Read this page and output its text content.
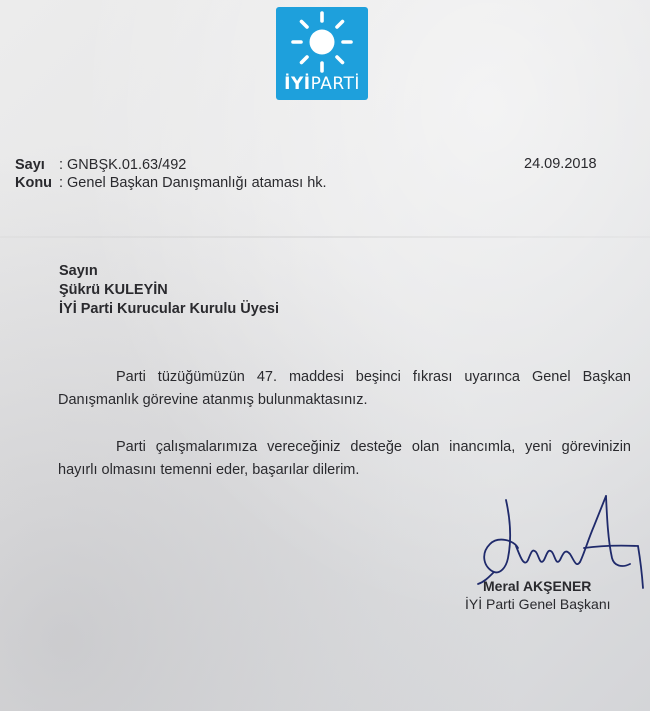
İYİPARTİ
Sayı : GNBŞK.01.63/492
Konu : Genel Başkan Danışmanlığı ataması hk.
24.09.2018
Sayın
Şükrü KULEYİN
İYİ Parti Kurucular Kurulu Üyesi
Parti tüzüğümüzün 47. maddesi beşinci fıkrası uyarınca Genel Başkan Danışmanlık görevine atanmış bulunmaktasınız.
Parti çalışmalarımıza vereceğiniz desteğe olan inancımla, yeni görevinizin hayırlı olmasını temenni eder, başarılar dilerim.
Meral AKŞENER
İYİ Parti Genel Başkanı
